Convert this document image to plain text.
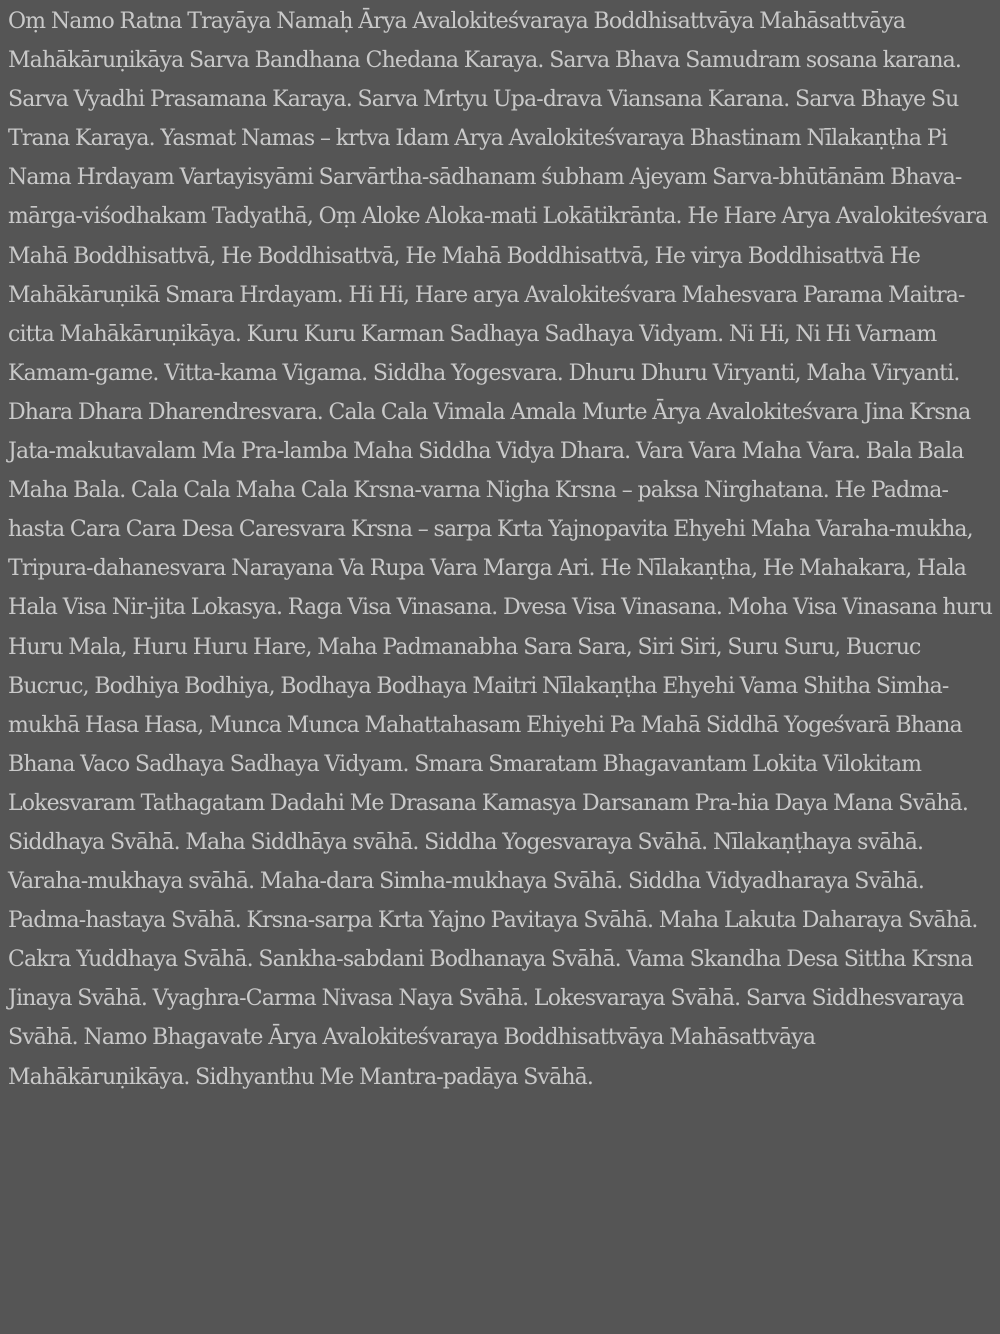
Oṃ Namo Ratna Trayāya Namaḥ Ārya Avalokiteśvaraya Boddhisattvāya Mahāsattvāya Mahākāruṇikāya Sarva Bandhana Chedana Karaya. Sarva Bhava Samudram sosana karana. Sarva Vyadhi Prasamana Karaya. Sarva Mrtyu Upa-drava Viansana Karana. Sarva Bhaye Su Trana Karaya. Yasmat Namas – krtva Idam Arya Avalokiteśvaraya Bhastinam Nīlakaṇṭha Pi Nama Hrdayam Vartayisyāmi Sarvārtha-sādhanam śubham Ajeyam Sarva-bhūtānām Bhava-mārga-viśodhakam Tadyathā, Oṃ Aloke Aloka-mati Lokātikrānta. He Hare Arya Avalokiteśvara Mahā Boddhisattvā, He Boddhisattvā, He Mahā Boddhisattvā, He virya Boddhisattvā He Mahākāruṇikā Smara Hrdayam. Hi Hi, Hare arya Avalokiteśvara Mahesvara Parama Maitra-citta Mahākāruṇikāya. Kuru Kuru Karman Sadhaya Sadhaya Vidyam. Ni Hi, Ni Hi Varnam Kamam-game. Vitta-kama Vigama. Siddha Yogesvara. Dhuru Dhuru Viryanti, Maha Viryanti. Dhara Dhara Dharendresvara. Cala Cala Vimala Amala Murte Ārya Avalokiteśvara Jina Krsna Jata-makutavalam Ma Pra-lamba Maha Siddha Vidya Dhara. Vara Vara Maha Vara. Bala Bala Maha Bala. Cala Cala Maha Cala Krsna-varna Nigha Krsna – paksa Nirghatana. He Padma-hasta Cara Cara Desa Caresvara Krsna – sarpa Krta Yajnopavita Ehyehi Maha Varaha-mukha, Tripura-dahanesvara Narayana Va Rupa Vara Marga Ari. He Nīlakaṇṭha, He Mahakara, Hala Hala Visa Nir-jita Lokasya. Raga Visa Vinasana. Dvesa Visa Vinasana. Moha Visa Vinasana huru Huru Mala, Huru Huru Hare, Maha Padmanabha Sara Sara, Siri Siri, Suru Suru, Bucruc Bucruc, Bodhiya Bodhiya, Bodhaya Bodhaya Maitri Nīlakaṇṭha Ehyehi Vama Shitha Simha-mukhā Hasa Hasa, Munca Munca Mahattahasam Ehiyehi Pa Mahā Siddhā Yogeśvarā Bhana Bhana Vaco Sadhaya Sadhaya Vidyam. Smara Smaratam Bhagavantam Lokita Vilokitam Lokesvaram Tathagatam Dadahi Me Drasana Kamasya Darsanam Pra-hia Daya Mana Svāhā. Siddhaya Svāhā. Maha Siddhāya svāhā. Siddha Yogesvaraya Svāhā. Nīlakaṇṭhaya svāhā. Varaha-mukhaya svāhā. Maha-dara Simha-mukhaya Svāhā. Siddha Vidyadharaya Svāhā. Padma-hastaya Svāhā. Krsna-sarpa Krta Yajno Pavitaya Svāhā. Maha Lakuta Daharaya Svāhā. Cakra Yuddhaya Svāhā. Sankha-sabdani Bodhanaya Svāhā. Vama Skandha Desa Sittha Krsna Jinaya Svāhā. Vyaghra-Carma Nivasa Naya Svāhā. Lokesvaraya Svāhā. Sarva Siddhesvaraya Svāhā. Namo Bhagavate Ārya Avalokiteśvaraya Boddhisattvāya Mahāsattvāya Mahākāruṇikāya. Sidhyanthu Me Mantra-padāya Svāhā.
